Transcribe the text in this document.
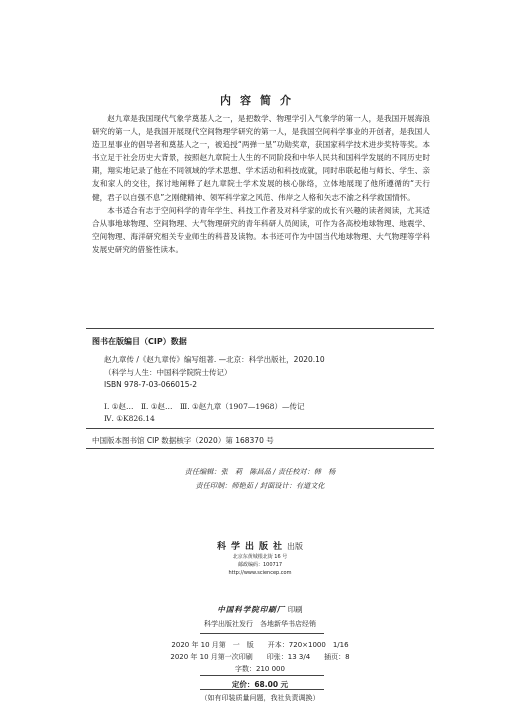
内容简介

赵九章是我国现代气象学奠基人之一，是把数学、物理学引入气象学的第一人，是我国开展海浪研究的第一人，是我国开展现代空间物理学研究的第一人，是我国空间科学事业的开创者，是我国人造卫星事业的倡导者和奠基人之一，被追授“两弹一星”功勋奖章，获国家科学技术进步奖特等奖。本书立足于社会历史大背景，按照赵九章院士人生的不同阶段和中华人民共和国科学发展的不同历史时期，翔实地记录了他在不同领域的学术思想、学术活动和科技成就，同时串联起他与师长、学生、亲友和家人的交往，探讨地阐释了赵九章院士学术发展的核心脉络，立体地展现了他所遵循的“天行健，君子以自强不息”之刚健精神、领军科学家之风范、伟岸之人格和矢志不渝之科学救国情怀。

本书适合有志于空间科学的青年学生、科技工作者及对科学家的成长有兴趣的读者阅读，尤其适合从事地球物理、空间物理、大气物理研究的青年科研人员阅读，可作为各高校地球物理、地震学、空间物理、海洋研究相关专业师生的科普及读物。本书还可作为中国当代地球物理、大气物理等学科发展史研究的借鉴性读本。

图书在版编目（CIP）数据
赵九章传 /《赵九章传》编写组著. —北京：科学出版社，2020.10
（科学与人生：中国科学院院士传记）
ISBN 978-7-03-066015-2
Ⅰ. ①赵…　Ⅱ. ①赵…　Ⅲ. ①赵九章（1907—1968）—传记
Ⅳ. ①K826.14
中国版本图书馆 CIP 数据核字（2020）第 168370 号
责任编辑：张　莉　陈昌品 / 责任校对：韩　杨
责任印制：师艳茹 / 封面设计：有道文化
科学出版社出版
北京东黄城根北街 16 号
邮政编码：100717
http://www.sciencep.com
中国科学院印刷厂 印刷
科学出版社发行　各地新华书店经销
2020 年 10 月第　一　版　　开本：720×1000　1/16
2020 年 10 月第一次印刷　　印张：13 3/4　　插页：8
字数：210 000
定价：68.00 元
（如有印装质量问题，我社负责调换）
